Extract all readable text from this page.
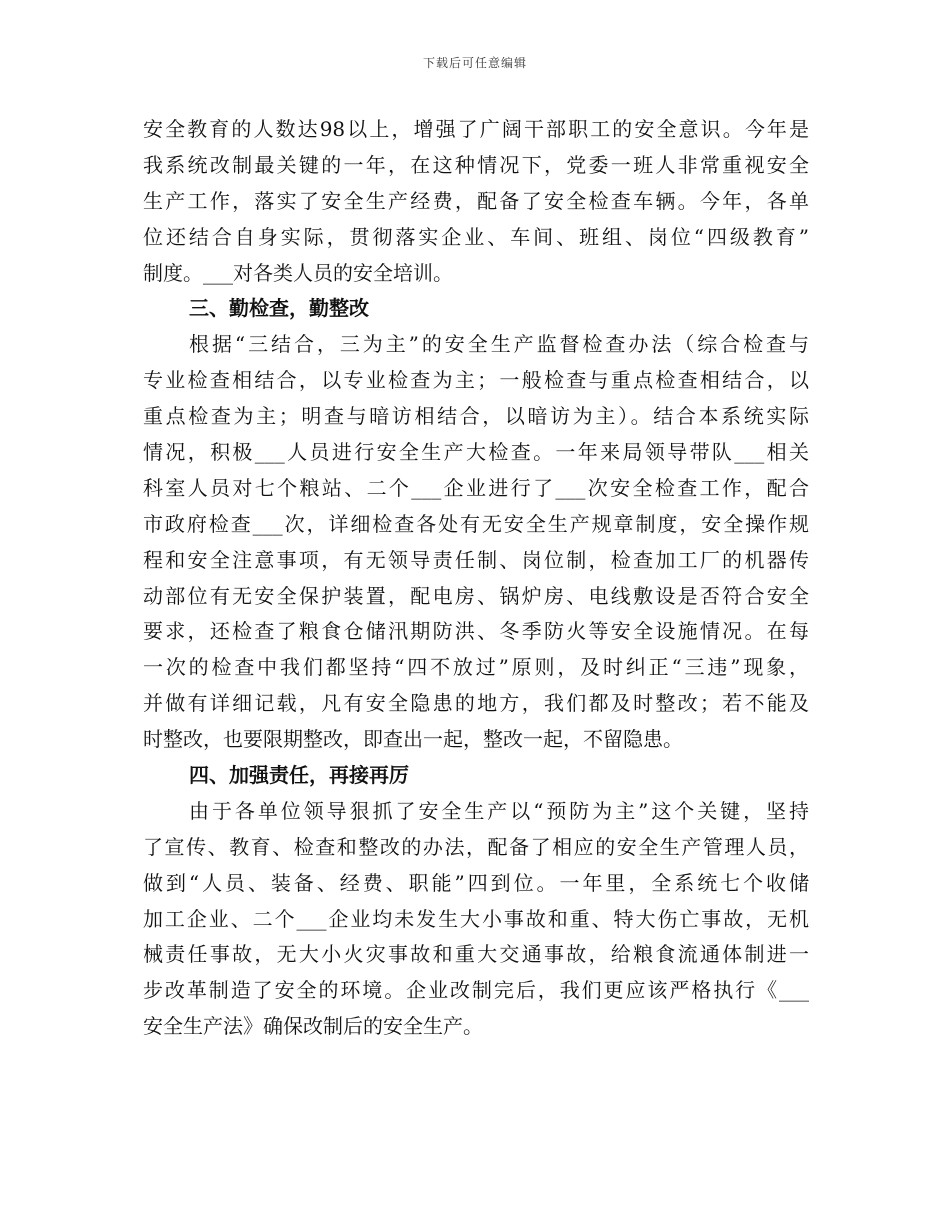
下载后可任意编辑
安全教育的人数达98以上，增强了广阔干部职工的安全意识。今年是
我系统改制最关键的一年，在这种情况下，党委一班人非常重视安全
生产工作，落实了安全生产经费，配备了安全检查车辆。今年，各单
位还结合自身实际，贯彻落实企业、车间、班组、岗位“四级教育”
制度。___对各类人员的安全培训。
三、勤检查，勤整改
根据“三结合，三为主”的安全生产监督检查办法（综合检查与
专业检查相结合，以专业检查为主；一般检查与重点检查相结合，以
重点检查为主；明查与暗访相结合，以暗访为主）。结合本系统实际
情况，积极___人员进行安全生产大检查。一年来局领导带队___相关
科室人员对七个粮站、二个___企业进行了___次安全检查工作，配合
市政府检查___次，详细检查各处有无安全生产规章制度，安全操作规
程和安全注意事项，有无领导责任制、岗位制，检查加工厂的机器传
动部位有无安全保护装置，配电房、锅炉房、电线敷设是否符合安全
要求，还检查了粮食仓储汛期防洪、冬季防火等安全设施情况。在每
一次的检查中我们都坚持“四不放过”原则，及时纠正“三违”现象，
并做有详细记载，凡有安全隐患的地方，我们都及时整改；若不能及
时整改，也要限期整改，即查出一起，整改一起，不留隐患。
四、加强责任，再接再厉
由于各单位领导狠抓了安全生产以“预防为主”这个关键，坚持
了宣传、教育、检查和整改的办法，配备了相应的安全生产管理人员，
做到“人员、装备、经费、职能”四到位。一年里，全系统七个收储
加工企业、二个___企业均未发生大小事故和重、特大伤亡事故，无机
械责任事故，无大小火灾事故和重大交通事故，给粮食流通体制进一
步改革制造了安全的环境。企业改制完后，我们更应该严格执行《___
安全生产法》确保改制后的安全生产。
